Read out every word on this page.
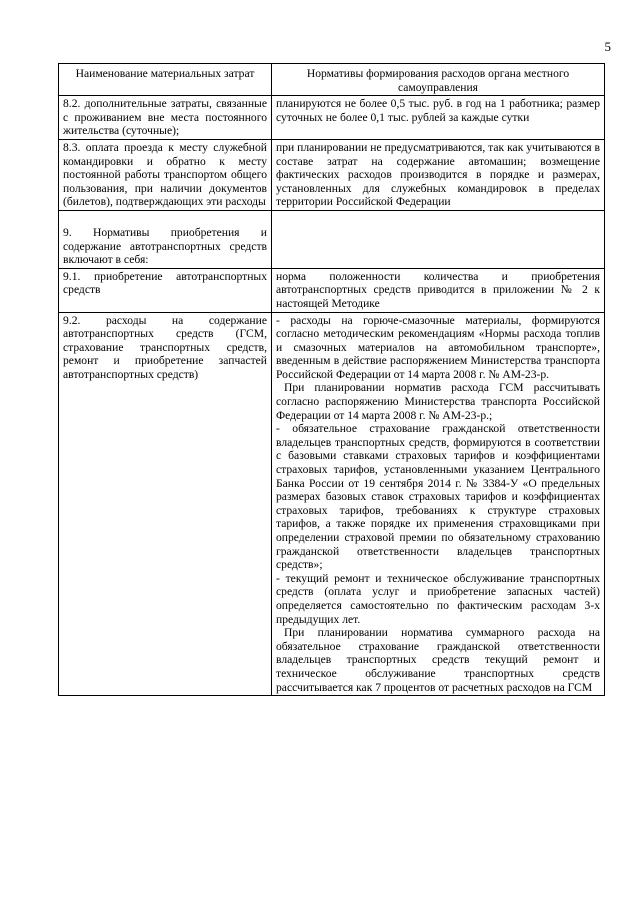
5
Наименование материальных затрат	Нормативы формирования расходов органа местного самоуправления
8.2. дополнительные затраты, связанные с проживанием вне места постоянного жительства (суточные);	планируются не более 0,5 тыс. руб. в год на 1 работника; размер суточных не более 0,1 тыс. рублей за каждые сутки

8.3. оплата проезда к месту служебной командировки и обратно к месту постоянной работы транспортом общего пользования, при наличии документов (билетов), подтверждающих эти расходы	при планировании не предусматриваются, так как учитываются в составе затрат на содержание автомашин; возмещение фактических расходов производится в порядке и размерах, установленных для служебных командировок в пределах территории Российской Федерации

9. Нормативы приобретения и содержание автотранспортных средств включают в себя:	

9.1. приобретение автотранспортных средств	норма положенности количества и приобретения автотранспортных средств приводится в приложении № 2 к настоящей Методике

9.2. расходы на содержание автотранспортных средств (ГСМ, страхование транспортных средств, ремонт и приобретение запчастей автотранспортных средств)	- расходы на горюче-смазочные материалы, формируются согласно методическим рекомендациям «Нормы расхода топлив и смазочных материалов на автомобильном транспорте», введенным в действие распоряжением Министерства транспорта Российской Федерации от 14 марта 2008 г. № АМ-23-р.

При планировании норматив расхода ГСМ рассчитывать согласно распоряжению Министерства транспорта Российской Федерации от 14 марта 2008 г. № АМ-23-р.;

- обязательное страхование гражданской ответственности владельцев транспортных средств, формируются в соответствии с базовыми ставками страховых тарифов и коэффициентами страховых тарифов, установленными указанием Центрального Банка России от 19 сентября 2014 г. № 3384-У «О предельных размерах базовых ставок страховых тарифов и коэффициентах страховых тарифов, требованиях к структуре страховых тарифов, а также порядке их применения страховщиками при определении страховой премии по обязательному страхованию гражданской ответственности владельцев транспортных средств»;

- текущий ремонт и техническое обслуживание транспортных средств (оплата услуг и приобретение запасных частей) определяется самостоятельно по фактическим расходам 3-х предыдущих лет.

При планировании норматива суммарного расхода на обязательное страхование гражданской ответственности владельцев транспортных средств текущий ремонт и техническое обслуживание транспортных средств рассчитывается как 7 процентов от расчетных расходов на ГСМ
